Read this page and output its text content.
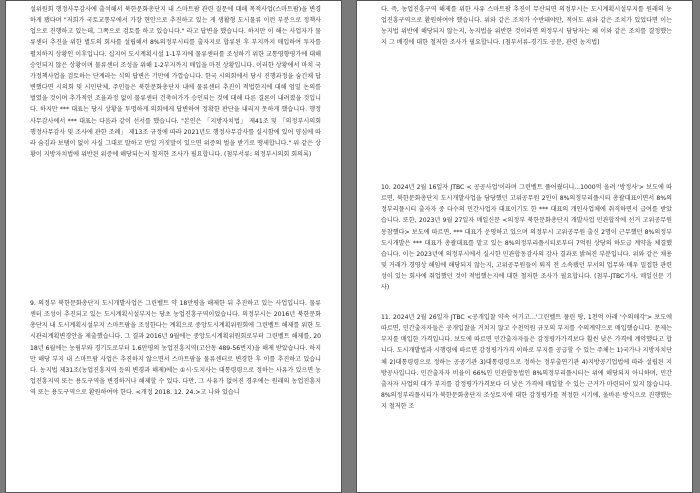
설위원회 행정사무감사에 출석해서 북한문화총단지 내 스마트팜 관련 질문에 대해 목적사업(스마트팜)을 변경하게 됐다며 "저희가 국토교통부에서 가장 현안으로 추진하고 있는 게 생활형 도시물류 이런 부분으로 정책사업으로 진행하고 있는데, 그쪽으로 검토를 하고 있습니다." 라고 답변을 했습니다. 하지만 이 해는 사업자가 물류센터 추진을 위한 별도의 회사를 설립해서 8%의정부시티를 출자지로 합류된 후 부지까지 매입하여 투자를 펼치하지 상황인 이후입니다. 십지어 도시계획시설 1-1부지에 물류센터를 조성하기 위한 교통영향평가에 대해 승인되지 않은 상황이며 물류센터 조성을 위해 1-2부지까지 매입을 마친 상황입니다. 이러한 상황에서 마치 국가정책사업을 검토하는 단계라는 식의 답변은 기만에 가깝습니다. 한국 시의회에서 당시 진행과정을 숨긴채 답변했다면 시의회 및 시민단체, 주민들은 북한문화총단지 내에 물류센터 추진이 적법한지에 대해 엄밀 논의를 벌였을 것이며 추가적인 조율과정 없이 물류센터 건축허가가 승인되는 것에 대해 다른 결론이 내려졌을 것입니다. 하지만 *** 대표는 당시 상황을 투명하게 의회에게 답변하여 정확한 판단을 내리지 못하게 했습니다. 행정사무감사에서 *** 대표는 다음과 같이 선서를 했습니다. "본인은 「지방자치법」 제41조 및 「의정부시의회 행정사무감사 및 조사에 관한 조례」 제13조 규정에 따라 2021년도 행정사무감사를 실시함에 있어 양심에 따라 숨김과 보탬이 없이 사실 그대로 말하고 만일 거짓말이 있으면 위증의 벌을 받기로 맹세합니다." 위 같은 상황이 지방자치법에 위반된 위증에 해당되는지 철저한 조사가 필요합니다. (첨부서류: 의정부시의회 회의록)

9. 의정부 북한문화총단지 도시개발사업은 그린벨트 약 18만평을 해제한 뒤 추진하고 있는 사업입니다. 물류센터 조성이 추진되고 있는 도시계획시설부지는 당초 농업진흥구역이었습니다. 의정부시는 2016년 북한문화총단지 내 도시계획시설부지 스마트팜을 조성한다는 계획으로 중앙도시계획위원회에 그린벨트 해제를 위한 도시관리계획변경안을 제출했습니다. 그 결과 2016년 9월에는 중앙도시계획위원회로부터 그린벨트 해제를, 2018년 6월에는 농림부와 경기도로부터 1.6만평의 농업진흥지역(고산동 489-56번지)을 해제 받았습니다. 하지만 해당 부지 내 스마트팜 사업은 추진하지 않으면서 스마트팜을 물류센터로 변경한 후 이를 추진하고 있습니다. 농지법 제31조(농업진흥지역 등의 변경과 해제)에는 ①시·도지사는 대통령령으로 정하는 사유가 있으면 농업진흥지역 또는 용도구역을 변경하거나 해제할 수 있다. 다만, 그 사유가 없어진 경우에는 원래의 농업진흥지역 또는 용도구역으로 환원하여야 한다. <개정 2018. 12. 24.>고 나와 있습니

다. 즉, 농업진흥구역 해제를 위한 사유 스마트팜 추진이 무산되면 의정부시는 도시계획시설부지를 원래의 농업진흥구역으로 환원하여야 했습니다. 위와 같은 조치가 수반돼야만, 적어도 위와 같은 조치가 있었다면 이는 농지법 위반에 해당되지 않는지, 농지법을 위반한 것이라면 의정부시 담당자는 왜 이와 같은 조치를 결정했는지 그 배경에 대한 철저한 조사가 필요합니다. (첨부서류-경기도 공문, 관련 농지법)

10. 2024년 2월 16일자 JTBC < 공공사업'이라며 그린벨트 풀어줬더니...1000억 올려 '방정사'> 보도에 따르면, 북한문화총단지 도시개발사업을 담당했던 고위공무원 2인이 8%의정부리플시티 총괄대표이면서 8%의정부리플시티 출자자 중 다수의 민간사업자 대표이기도 한 *** 대표의 개인사업체에 취직하면서 급여를 받았습니다. 또한, 2023년 9월 27일자 매일신문 <의정부 북한문화총단지 개발사업 민관합작에 선거 고위공무원 동참했다> 보도에 따르면, *** 대표가 운영하고 있으며 의정부시 고위공무원 출신 2명이 근무했던 8%의정부도시개발은 *** 대표가 총괄대표를 맡고 있는 8%의정부리플시티로부터 7억원 상당의 하도급 계약을 체결했습니다. 이는 2023년에 의정부시에서 실시한 민관합동감사의 감사 결과로 밝혀진 부분입니다. 위와 같은 채용 및 거래가 경영상 해임에 해당되지 않는지, 고위공무원들이 퇴직 전 소속됐던 부서의 업무와 매우 밀접한 관련성이 있는 회사에 취업했던 것이 적법했는지에 대한 철저한 조사가 필요합니다. (첨부-JTBC기사, 매일신문 기사)

11. 2024년 2월 26일자 JTBC <공개입찰 약속 어기고…'그린벨트 풀린 땅, 1천억 아래 '수의매각'> 보도에 따르면, 민간출자자들은 공개입찰을 거치지 않고 수천억원 규모의 부지를 수의계약으로 매입했습니다. 문제는 부지를 매입한 가격입니다. 보도에 따르면 민간출자자들은 감정평가가격보다 훨씬 낮은 가격에 계약했다고 합니다. 도시개발법과 시행령에 따르면 감정평가가격 이하로 부지를 공급할 수 있는 주체는 1)국가나 지방자치단체 2)대통령령으로 정하는 공공기관 3)대통령령으로 정하는 정부출연기관 4)지방공기업법에 따라 설립된 지방공사입니다. 민간출자자 비율이 66%인 민관합동법인 8%의정부리플시티는 위에 해당되지 아니하며, 민간출자자 사업의 대가 부지를 감정평가가격보다 더 낮은 가격에 매입할 수 있는 근거가 마련되어 있지 않습니다. 8%의정부리플시티가 북한문화총단지 조성토지에 대한 감정평가를 적정한 시기에, 올바른 방식으로 진행했는지 철저한 조
